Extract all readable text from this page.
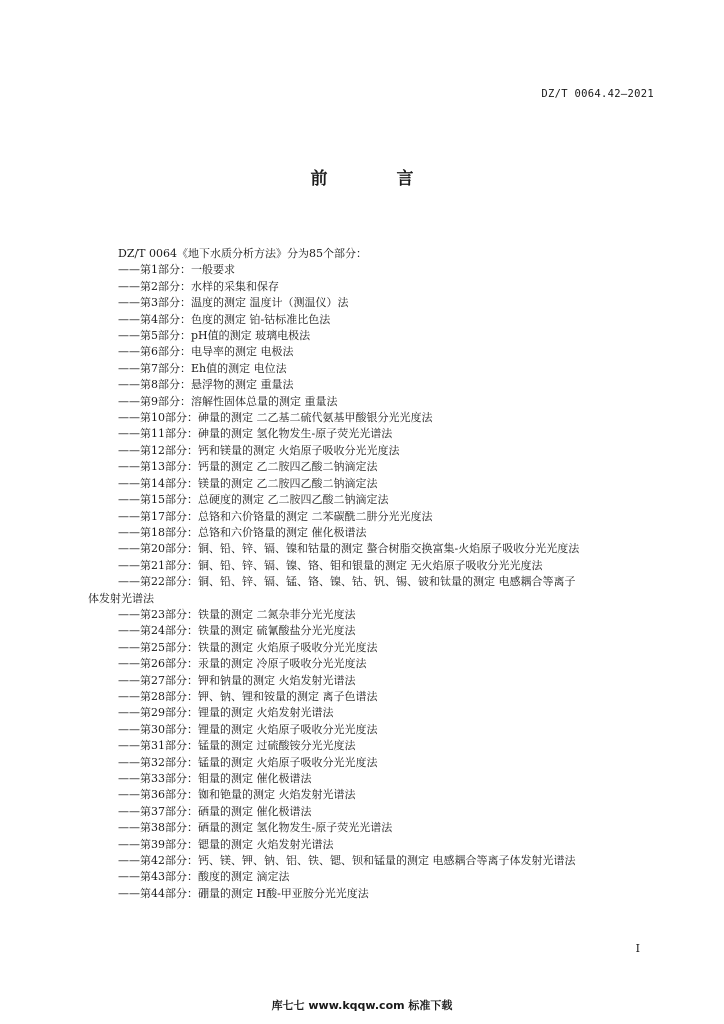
DZ/T 0064.42—2021
前　言
DZ/T 0064《地下水质分析方法》分为85个部分：
——第1部分：一般要求
——第2部分：水样的采集和保存
——第3部分：温度的测定 温度计（测温仪）法
——第4部分：色度的测定 铂-钴标准比色法
——第5部分：pH值的测定 玻璃电极法
——第6部分：电导率的测定 电极法
——第7部分：Eh值的测定 电位法
——第8部分：悬浮物的测定 重量法
——第9部分：溶解性固体总量的测定 重量法
——第10部分：砷量的测定 二乙基二硫代氨基甲酸银分光光度法
——第11部分：砷量的测定 氢化物发生-原子荧光光谱法
——第12部分：钙和镁量的测定 火焰原子吸收分光光度法
——第13部分：钙量的测定 乙二胺四乙酸二钠滴定法
——第14部分：镁量的测定 乙二胺四乙酸二钠滴定法
——第15部分：总硬度的测定 乙二胺四乙酸二钠滴定法
——第17部分：总铬和六价铬量的测定 二苯碳酰二肼分光光度法
——第18部分：总铬和六价铬量的测定 催化极谱法
——第20部分：铜、铅、锌、镉、镍和钴量的测定 螯合树脂交换富集-火焰原子吸收分光光度法
——第21部分：铜、铅、锌、镉、镍、铬、钼和银量的测定 无火焰原子吸收分光光度法
——第22部分：铜、铅、锌、镉、锰、铬、镍、钴、钒、锡、铍和钛量的测定 电感耦合等离子
体发射光谱法
——第23部分：铁量的测定 二氮杂菲分光光度法
——第24部分：铁量的测定 硫氰酸盐分光光度法
——第25部分：铁量的测定 火焰原子吸收分光光度法
——第26部分：汞量的测定 冷原子吸收分光光度法
——第27部分：钾和钠量的测定 火焰发射光谱法
——第28部分：钾、钠、锂和铵量的测定 离子色谱法
——第29部分：锂量的测定 火焰发射光谱法
——第30部分：锂量的测定 火焰原子吸收分光光度法
——第31部分：锰量的测定 过硫酸铵分光光度法
——第32部分：锰量的测定 火焰原子吸收分光光度法
——第33部分：钼量的测定 催化极谱法
——第36部分：铷和铯量的测定 火焰发射光谱法
——第37部分：硒量的测定 催化极谱法
——第38部分：硒量的测定 氢化物发生-原子荧光光谱法
——第39部分：锶量的测定 火焰发射光谱法
——第42部分：钙、镁、钾、钠、铝、铁、锶、钡和锰量的测定 电感耦合等离子体发射光谱法
——第43部分：酸度的测定 滴定法
——第44部分：硼量的测定 H酸-甲亚胺分光光度法
I
库七七 www.kqqw.com 标准下载
